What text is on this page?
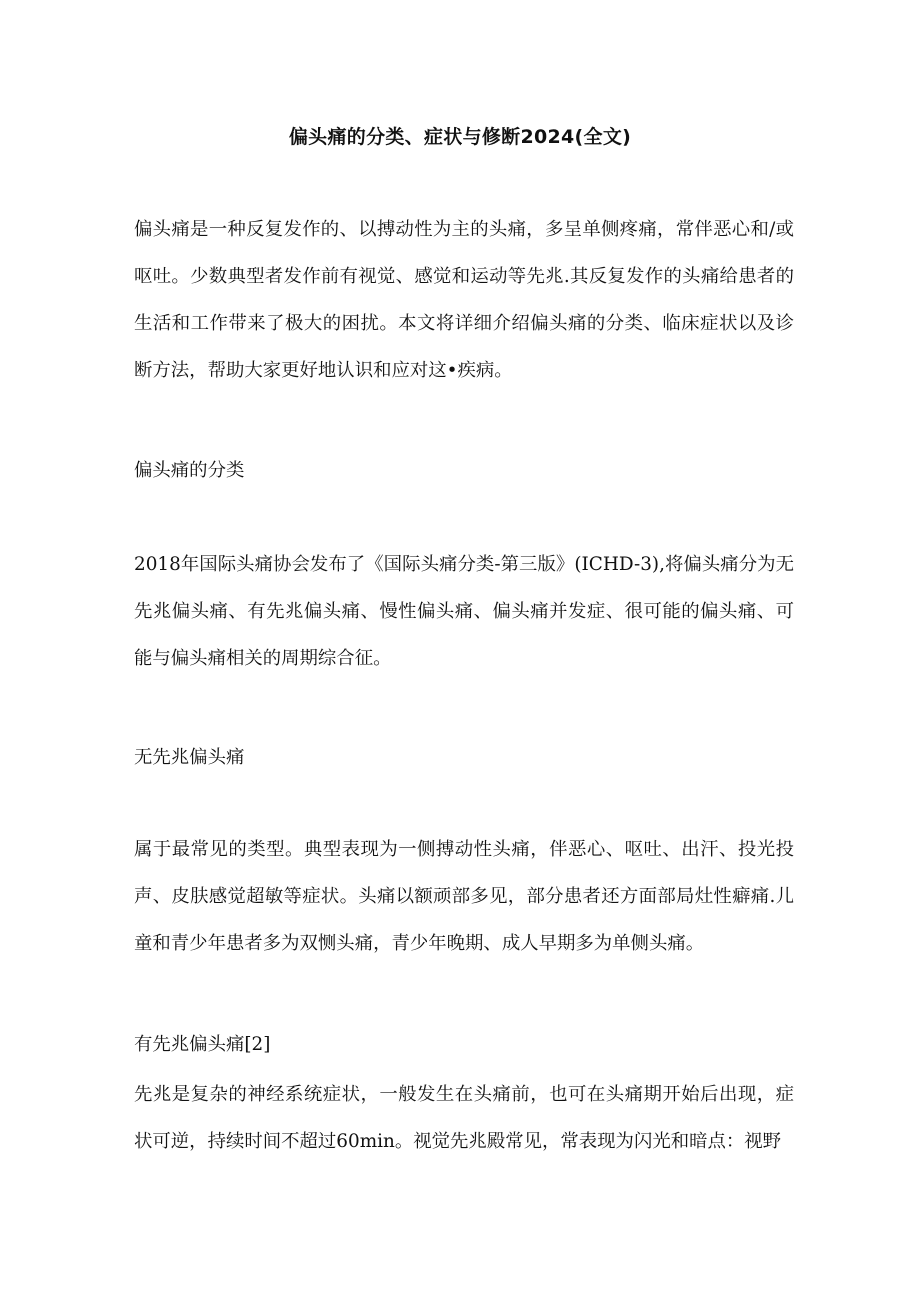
偏头痛的分类、症状与修断2024(全文)

偏头痛是一种反复发作的、以搏动性为主的头痛，多呈单侧疼痛，常伴恶心和/或呕吐。少数典型者发作前有视觉、感觉和运动等先兆.其反复发作的头痛给患者的生活和工作带来了极大的困扰。本文将详细介绍偏头痛的分类、临床症状以及诊断方法，帮助大家更好地认识和应对这•疾病。

偏头痛的分类

2018年国际头痛协会发布了《国际头痛分类-第三版》(ICHD-3),将偏头痛分为无先兆偏头痛、有先兆偏头痛、慢性偏头痛、偏头痛并发症、很可能的偏头痛、可能与偏头痛相关的周期综合征。

无先兆偏头痛

属于最常见的类型。典型表现为一侧搏动性头痛，伴恶心、呕吐、出汗、投光投声、皮肤感觉超敏等症状。头痛以额顽部多见，部分患者还方面部局灶性癖痛.儿童和青少年患者多为双恻头痛，青少年晚期、成人早期多为单侧头痛。

有先兆偏头痛[2]

先兆是复杂的神经系统症状，一般发生在头痛前，也可在头痛期开始后出现，症状可逆，持续时间不超过60min。视觉先兆殿常见，常表现为闪光和暗点：视野
